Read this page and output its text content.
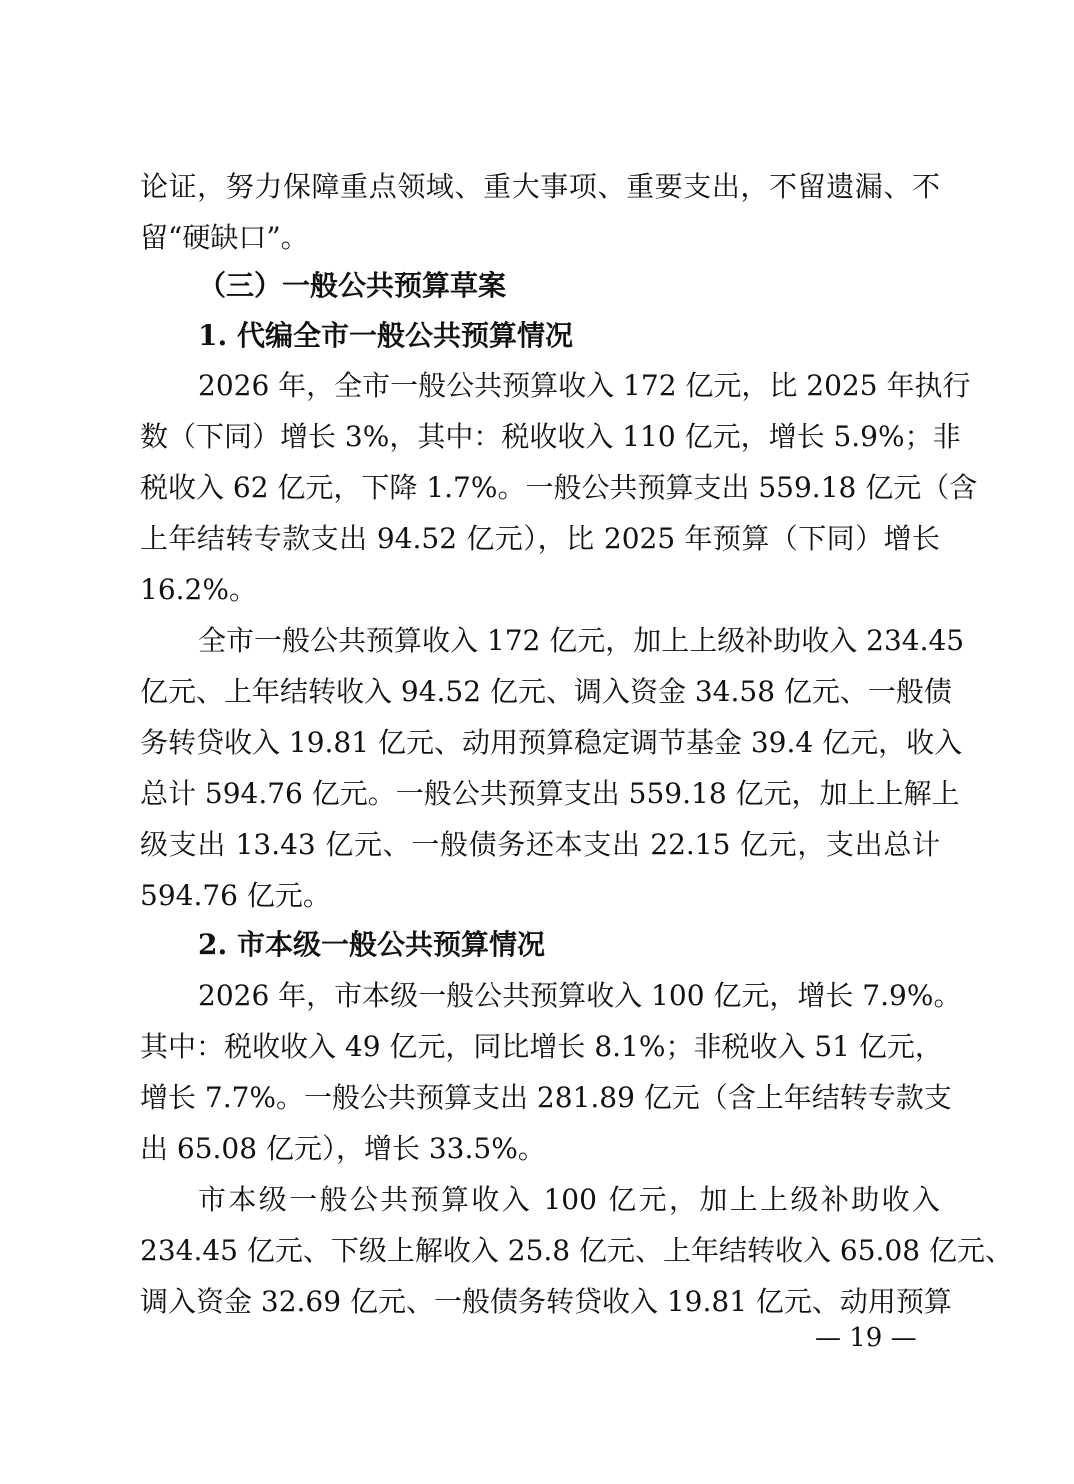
论证，努力保障重点领域、重大事项、重要支出，不留遗漏、不
留“硬缺口”。
（三）一般公共预算草案
1. 代编全市一般公共预算情况
2026 年，全市一般公共预算收入 172 亿元，比 2025 年执行
数（下同）增长 3%，其中：税收收入 110 亿元，增长 5.9%；非
税收入 62 亿元，下降 1.7%。一般公共预算支出 559.18 亿元（含
上年结转专款支出 94.52 亿元），比 2025 年预算（下同）增长
16.2%。
全市一般公共预算收入 172 亿元，加上上级补助收入 234.45
亿元、上年结转收入 94.52 亿元、调入资金 34.58 亿元、一般债
务转贷收入 19.81 亿元、动用预算稳定调节基金 39.4 亿元，收入
总计 594.76 亿元。一般公共预算支出 559.18 亿元，加上上解上
级支出 13.43 亿元、一般债务还本支出 22.15 亿元，支出总计
594.76 亿元。
2. 市本级一般公共预算情况
2026 年，市本级一般公共预算收入 100 亿元，增长 7.9%。
其中：税收收入 49 亿元，同比增长 8.1%；非税收入 51 亿元，
增长 7.7%。一般公共预算支出 281.89 亿元（含上年结转专款支
出 65.08 亿元），增长 33.5%。
市本级一般公共预算收入 100 亿元，加上上级补助收入
234.45 亿元、下级上解收入 25.8 亿元、上年结转收入 65.08 亿元、
调入资金 32.69 亿元、一般债务转贷收入 19.81 亿元、动用预算
— 19 —
